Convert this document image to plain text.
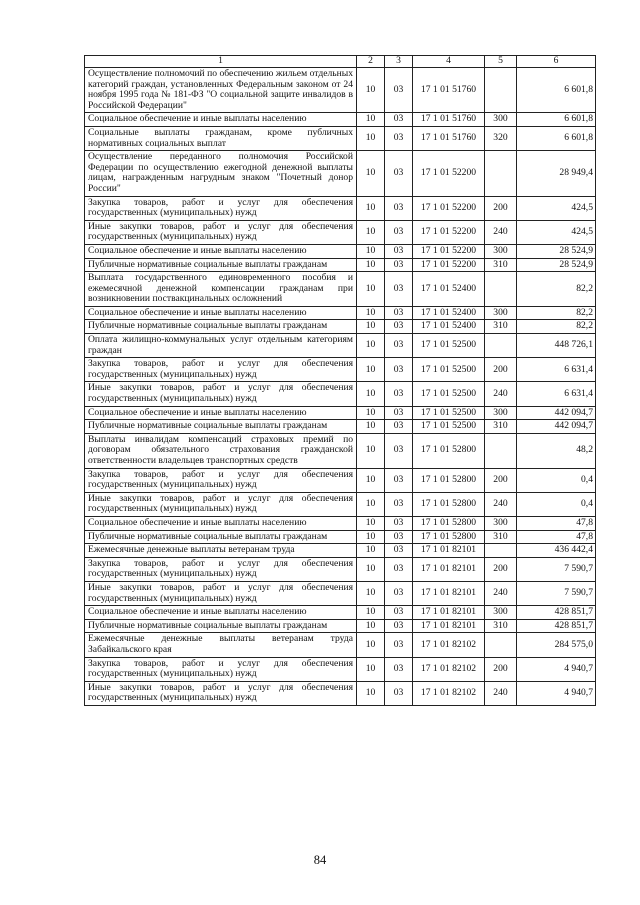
1	2	3	4	5	6
Осуществление полномочий по обеспечению жильем отдельных категорий граждан, установленных Федеральным законом от 24 ноября 1995 года № 181-ФЗ "О социальной защите инвалидов в Российской Федерации"	10	03	17 1 01 51760		6 601,8
Социальное обеспечение и иные выплаты населению	10	03	17 1 01 51760	300	6 601,8
Социальные выплаты гражданам, кроме публичных нормативных социальных выплат	10	03	17 1 01 51760	320	6 601,8
Осуществление переданного полномочия Российской Федерации по осуществлению ежегодной денежной выплаты лицам, награжденным нагрудным знаком "Почетный донор России"	10	03	17 1 01 52200		28 949,4
Закупка товаров, работ и услуг для обеспечения государственных (муниципальных) нужд	10	03	17 1 01 52200	200	424,5
Иные закупки товаров, работ и услуг для обеспечения государственных (муниципальных) нужд	10	03	17 1 01 52200	240	424,5
Социальное обеспечение и иные выплаты населению	10	03	17 1 01 52200	300	28 524,9
Публичные нормативные социальные выплаты гражданам	10	03	17 1 01 52200	310	28 524,9
Выплата государственного единовременного пособия и ежемесячной денежной компенсации гражданам при возникновении поствакцинальных осложнений	10	03	17 1 01 52400		82,2
Социальное обеспечение и иные выплаты населению	10	03	17 1 01 52400	300	82,2
Публичные нормативные социальные выплаты гражданам	10	03	17 1 01 52400	310	82,2
Оплата жилищно-коммунальных услуг отдельным категориям граждан	10	03	17 1 01 52500		448 726,1
Закупка товаров, работ и услуг для обеспечения государственных (муниципальных) нужд	10	03	17 1 01 52500	200	6 631,4
Иные закупки товаров, работ и услуг для обеспечения государственных (муниципальных) нужд	10	03	17 1 01 52500	240	6 631,4
Социальное обеспечение и иные выплаты населению	10	03	17 1 01 52500	300	442 094,7
Публичные нормативные социальные выплаты гражданам	10	03	17 1 01 52500	310	442 094,7
Выплаты инвалидам компенсаций страховых премий по договорам обязательного страхования гражданской ответственности владельцев транспортных средств	10	03	17 1 01 52800		48,2
Закупка товаров, работ и услуг для обеспечения государственных (муниципальных) нужд	10	03	17 1 01 52800	200	0,4
Иные закупки товаров, работ и услуг для обеспечения государственных (муниципальных) нужд	10	03	17 1 01 52800	240	0,4
Социальное обеспечение и иные выплаты населению	10	03	17 1 01 52800	300	47,8
Публичные нормативные социальные выплаты гражданам	10	03	17 1 01 52800	310	47,8
Ежемесячные денежные выплаты ветеранам труда	10	03	17 1 01 82101		436 442,4
Закупка товаров, работ и услуг для обеспечения государственных (муниципальных) нужд	10	03	17 1 01 82101	200	7 590,7
Иные закупки товаров, работ и услуг для обеспечения государственных (муниципальных) нужд	10	03	17 1 01 82101	240	7 590,7
Социальное обеспечение и иные выплаты населению	10	03	17 1 01 82101	300	428 851,7
Публичные нормативные социальные выплаты гражданам	10	03	17 1 01 82101	310	428 851,7
Ежемесячные денежные выплаты ветеранам труда Забайкальского края	10	03	17 1 01 82102		284 575,0
Закупка товаров, работ и услуг для обеспечения государственных (муниципальных) нужд	10	03	17 1 01 82102	200	4 940,7
Иные закупки товаров, работ и услуг для обеспечения государственных (муниципальных) нужд	10	03	17 1 01 82102	240	4 940,7
84
